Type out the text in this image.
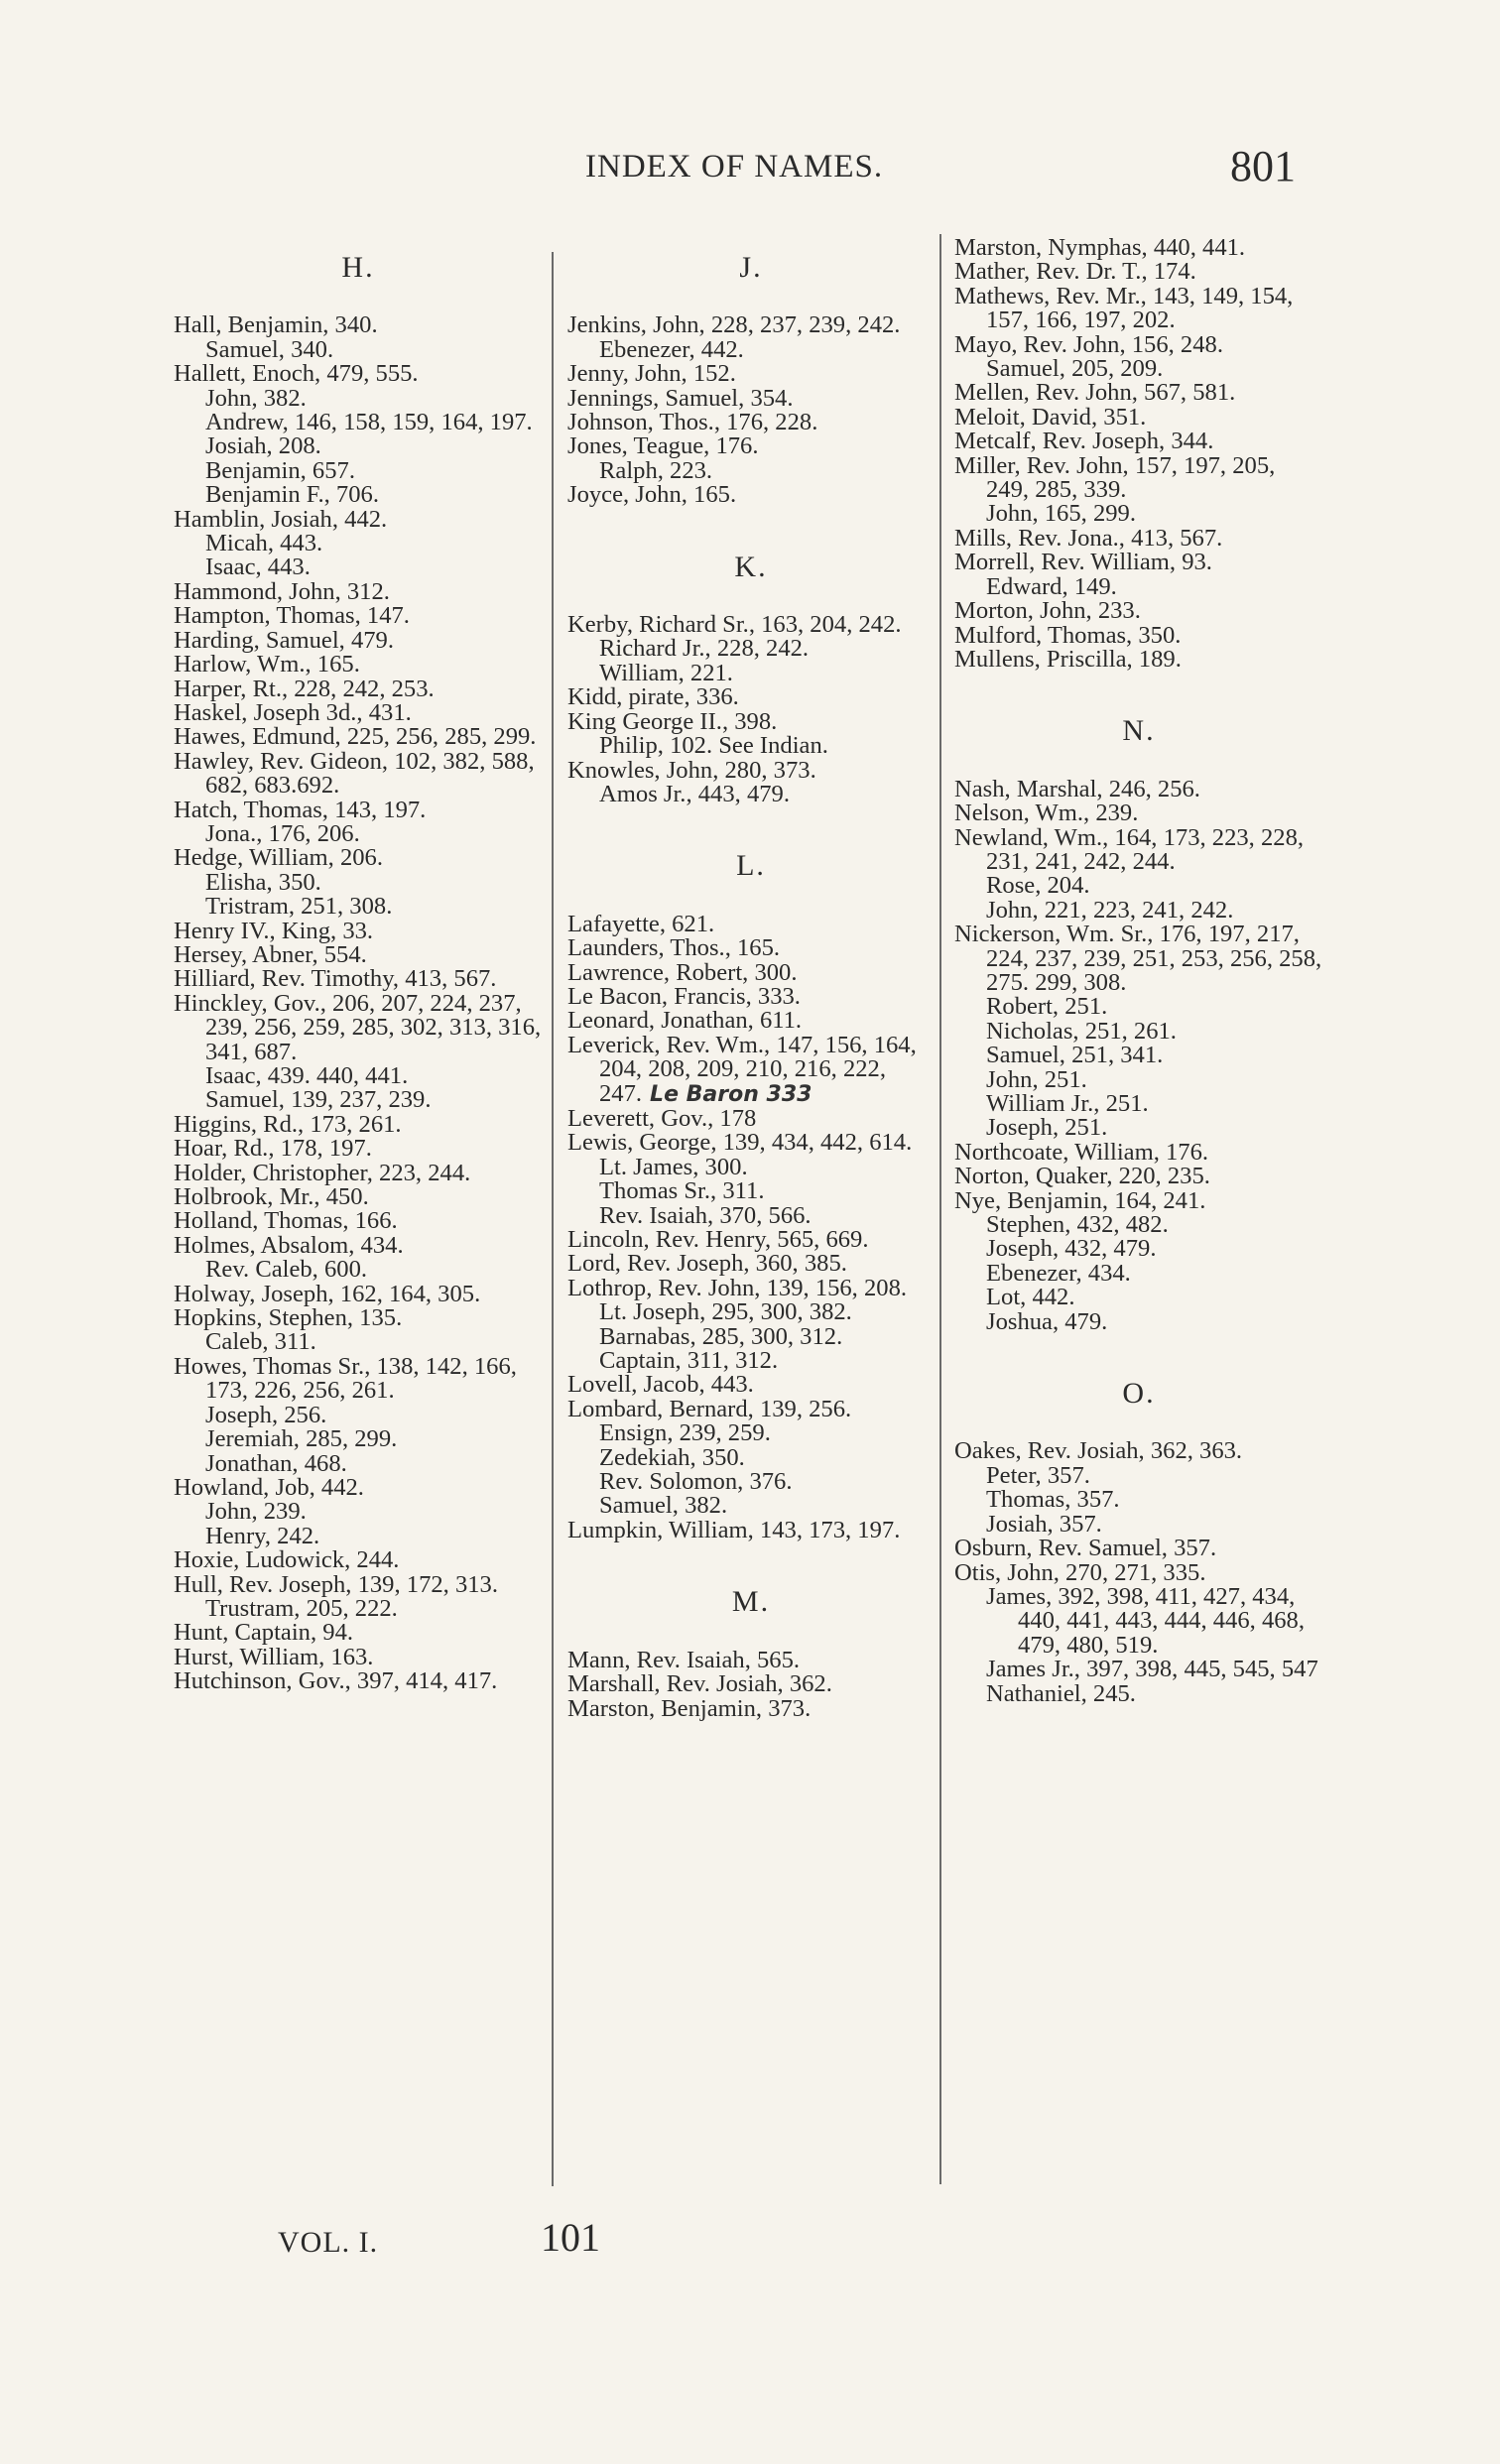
INDEX OF NAMES.	801
H.
Hall, Benjamin, 340.
Samuel, 340.
Hallett, Enoch, 479, 555.
John, 382.
Andrew, 146, 158, 159, 164, 197.
Josiah, 208.
Benjamin, 657.
Benjamin F., 706.
Hamblin, Josiah, 442.
Micah, 443.
Isaac, 443.
Hammond, John, 312.
Hampton, Thomas, 147.
Harding, Samuel, 479.
Harlow, Wm., 165.
Harper, Rt., 228, 242, 253.
Haskel, Joseph 3d., 431.
Hawes, Edmund, 225, 256, 285, 299.
Hawley, Rev. Gideon, 102, 382, 588, 682, 683.692.
Hatch, Thomas, 143, 197.
Jona., 176, 206.
Hedge, William, 206.
Elisha, 350.
Tristram, 251, 308.
Henry IV., King, 33.
Hersey, Abner, 554.
Hilliard, Rev. Timothy, 413, 567.
Hinckley, Gov., 206, 207, 224, 237, 239, 256, 259, 285, 302, 313, 316, 341, 687.
Isaac, 439. 440, 441.
Samuel, 139, 237, 239.
Higgins, Rd., 173, 261.
Hoar, Rd., 178, 197.
Holder, Christopher, 223, 244.
Holbrook, Mr., 450.
Holland, Thomas, 166.
Holmes, Absalom, 434.
Rev. Caleb, 600.
Holway, Joseph, 162, 164, 305.
Hopkins, Stephen, 135.
Caleb, 311.
Howes, Thomas Sr., 138, 142, 166, 173, 226, 256, 261.
Joseph, 256.
Jeremiah, 285, 299.
Jonathan, 468.
Howland, Job, 442.
John, 239.
Henry, 242.
Hoxie, Ludowick, 244.
Hull, Rev. Joseph, 139, 172, 313.
Trustram, 205, 222.
Hunt, Captain, 94.
Hurst, William, 163.
Hutchinson, Gov., 397, 414, 417.
J.
Jenkins, John, 228, 237, 239, 242.
Ebenezer, 442.
Jenny, John, 152.
Jennings, Samuel, 354.
Johnson, Thos., 176, 228.
Jones, Teague, 176.
Ralph, 223.
Joyce, John, 165.
K.
Kerby, Richard Sr., 163, 204, 242.
Richard Jr., 228, 242.
William, 221.
Kidd, pirate, 336.
King George II., 398.
Philip, 102. See Indian.
Knowles, John, 280, 373.
Amos Jr., 443, 479.
L.
Lafayette, 621.
Launders, Thos., 165.
Lawrence, Robert, 300.
Le Bacon, Francis, 333.
Leonard, Jonathan, 611.
Leverick, Rev. Wm., 147, 156, 164, 204, 208, 209, 210, 216, 222, 247. Le Baron 333
Leverett, Gov., 178
Lewis, George, 139, 434, 442, 614.
Lt. James, 300.
Thomas Sr., 311.
Rev. Isaiah, 370, 566.
Lincoln, Rev. Henry, 565, 669.
Lord, Rev. Joseph, 360, 385.
Lothrop, Rev. John, 139, 156, 208.
Lt. Joseph, 295, 300, 382.
Barnabas, 285, 300, 312.
Captain, 311, 312.
Lovell, Jacob, 443.
Lombard, Bernard, 139, 256.
Ensign, 239, 259.
Zedekiah, 350.
Rev. Solomon, 376.
Samuel, 382.
Lumpkin, William, 143, 173, 197.
M.
Mann, Rev. Isaiah, 565.
Marshall, Rev. Josiah, 362.
Marston, Benjamin, 373.
Marston, Nymphas, 440, 441.
Mather, Rev. Dr. T., 174.
Mathews, Rev. Mr., 143, 149, 154, 157, 166, 197, 202.
Mayo, Rev. John, 156, 248.
Samuel, 205, 209.
Mellen, Rev. John, 567, 581.
Meloit, David, 351.
Metcalf, Rev. Joseph, 344.
Miller, Rev. John, 157, 197, 205, 249, 285, 339.
John, 165, 299.
Mills, Rev. Jona., 413, 567.
Morrell, Rev. William, 93.
Edward, 149.
Morton, John, 233.
Mulford, Thomas, 350.
Mullens, Priscilla, 189.
N.
Nash, Marshal, 246, 256.
Nelson, Wm., 239.
Newland, Wm., 164, 173, 223, 228, 231, 241, 242, 244.
Rose, 204.
John, 221, 223, 241, 242.
Nickerson, Wm. Sr., 176, 197, 217, 224, 237, 239, 251, 253, 256, 258, 275. 299, 308.
Robert, 251.
Nicholas, 251, 261.
Samuel, 251, 341.
John, 251.
William Jr., 251.
Joseph, 251.
Northcoate, William, 176.
Norton, Quaker, 220, 235.
Nye, Benjamin, 164, 241.
Stephen, 432, 482.
Joseph, 432, 479.
Ebenezer, 434.
Lot, 442.
Joshua, 479.
O.
Oakes, Rev. Josiah, 362, 363.
Peter, 357.
Thomas, 357.
Josiah, 357.
Osburn, Rev. Samuel, 357.
Otis, John, 270, 271, 335.
James, 392, 398, 411, 427, 434, 440, 441, 443, 444, 446, 468, 479, 480, 519.
James Jr., 397, 398, 445, 545, 547
Nathaniel, 245.
VOL. I.	101
